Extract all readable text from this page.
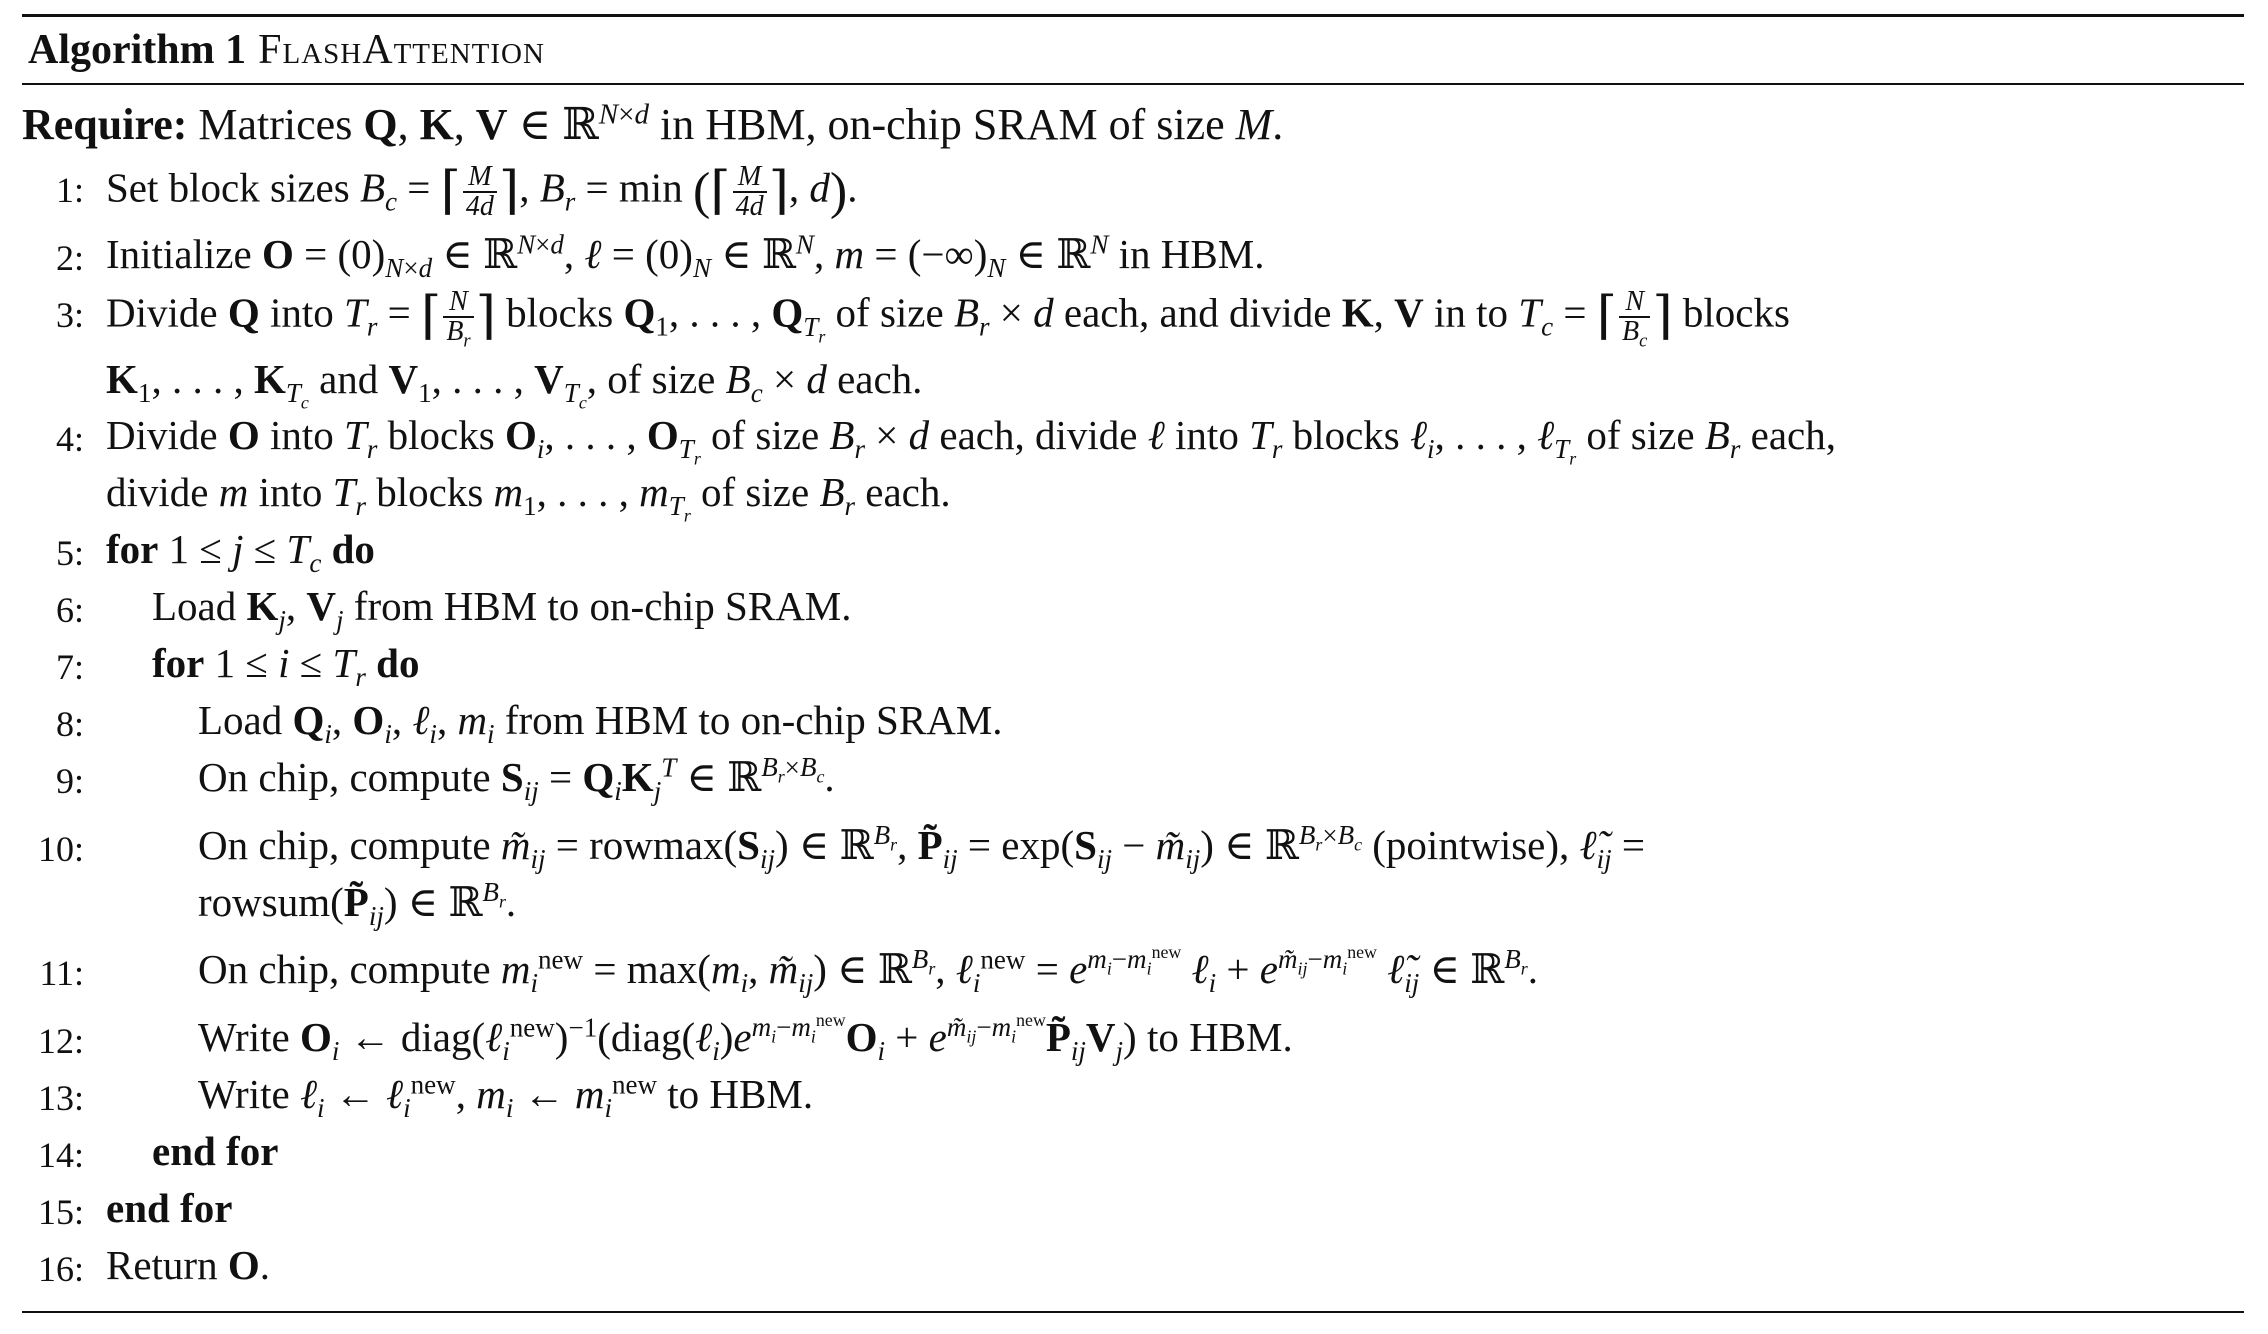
Algorithm 1 FlashAttention
Require: Matrices Q, K, V ∈ ℝ$^{N\times d}$ in HBM, on-chip SRAM of size M.
1: Set block sizes $B_c$ = ⌈ $\frac{M}{4d}$ ⌉, $B_r = \min$ (⌈ $\frac{M}{4d}$ ⌉, d).
2: Initialize $O = (0)_{N\times d}$ ∈ ℝ$^{N\times d}$, ℓ = $(0)_N$ ∈ ℝ$^N$, $m = (-\infty)_N$ ∈ ℝ$^N$ in HBM.
3: Divide Q into $T_r$ = ⌈ $\frac{N}{B_r}$ ⌉ blocks $Q_1$, . . . , $Q_{T_r}$ of size $B_r \times d$ each, and divide K, V in to $T_c$ = ⌈ $\frac{N}{B_c}$ ⌉ blocks
$K_1$, . . . , $K_{T_c}$ and $V_1$, . . . , $V_{T_c}$, of size $B_c \times d$ each.
4: Divide O into $T_r$ blocks $O_i$, . . . , $O_{T_r}$ of size $B_r \times d$ each, divide ℓ into $T_r$ blocks ℓ$_i$, . . . , ℓ$_{T_r}$ of size $B_r$ each,
divide m into $T_r$ blocks $m_1$, . . . , $m_{T_r}$ of size $B_r$ each.
5: for $1 \le j \le T_c$ do
6: Load $K_j$, $V_j$ from HBM to on-chip SRAM.
7: for $1 \le i \le T_r$ do
8:	Load $Q_i$, $O_i$, ℓ$_i$, $m_i$ from HBM to on-chip SRAM.
9:	On chip, compute $S_{ij} = Q_iK_j^T$ ∈ ℝ$^{B_r\times B_c}$.
10:	On chip, compute $m̃_{ij} = rowmax(S_{ij})$ ∈ ℝ$^{B_r}$, $P̃_{ij} = \exp(S_{ij}$ − $m̃_{ij}$) ∈ ℝ$^{B_r\times B_c}$ (pointwise), $\ell̃_{ij}$ =
$rowsum(P̃_{ij})$ ∈ ℝ$^{B_r}$.
11:	On chip, compute $m_i^{new} = \max(m_i$, $m̃_{ij}$) ∈ ℝ$^{B_r}$, ℓ$_i^{new}$ = $e^{m_i-m_i^{new}}$ ℓ$_i$ + $e^{m̃_{ij}-m_i^{new}}$ $\ell̃_{ij}$ ∈ ℝ$^{B_r}$.
12:	Write $O_i$ ← $diag(\ell_i^{new})^{-1}(diag(\ell_i)e^{m_i-m_i^{new}}O_i$ + $e^{m̃_{ij}-m_i^{new}}P̃_{ij}V_j$) to HBM.
13:	Write ℓ$_i$ ← ℓ$_i^{new}$, $m_i$ ← $m_i^{new}$ to HBM.
14: end for
15: end for
16: Return O.
